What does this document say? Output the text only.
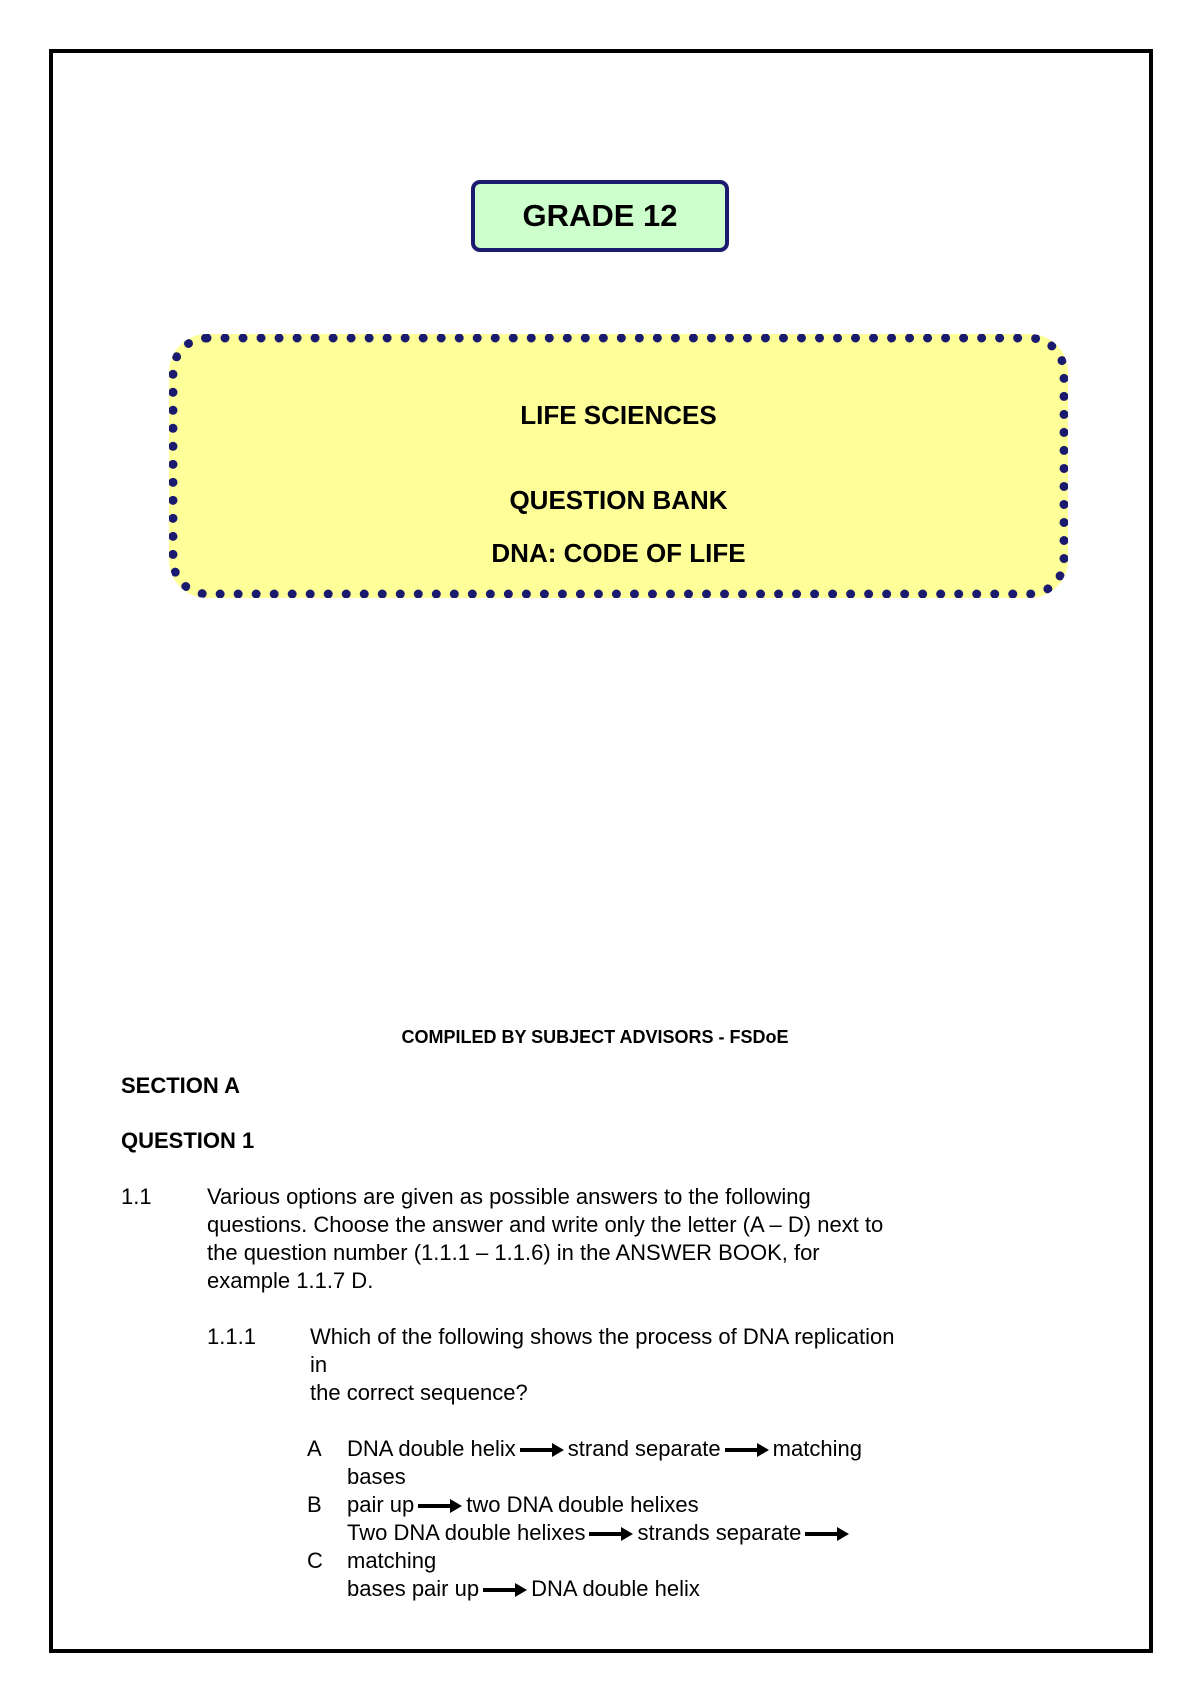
GRADE 12
LIFE SCIENCES
QUESTION BANK
DNA: CODE OF LIFE
COMPILED BY SUBJECT ADVISORS - FSDoE
SECTION A
QUESTION 1
1.1	Various options are given as possible answers to the following
questions. Choose the answer and write only the letter (A – D) next to
the question number (1.1.1 – 1.1.6) in the ANSWER BOOK, for
example 1.1.7 D.
1.1.1 Which of the following shows the process of DNA replication
in
the correct sequence?
A DNA double helix strand separate matching
bases
B pair up two DNA double helixes
Two DNA double helixes strands separate
C matching
bases pair up DNA double helix
